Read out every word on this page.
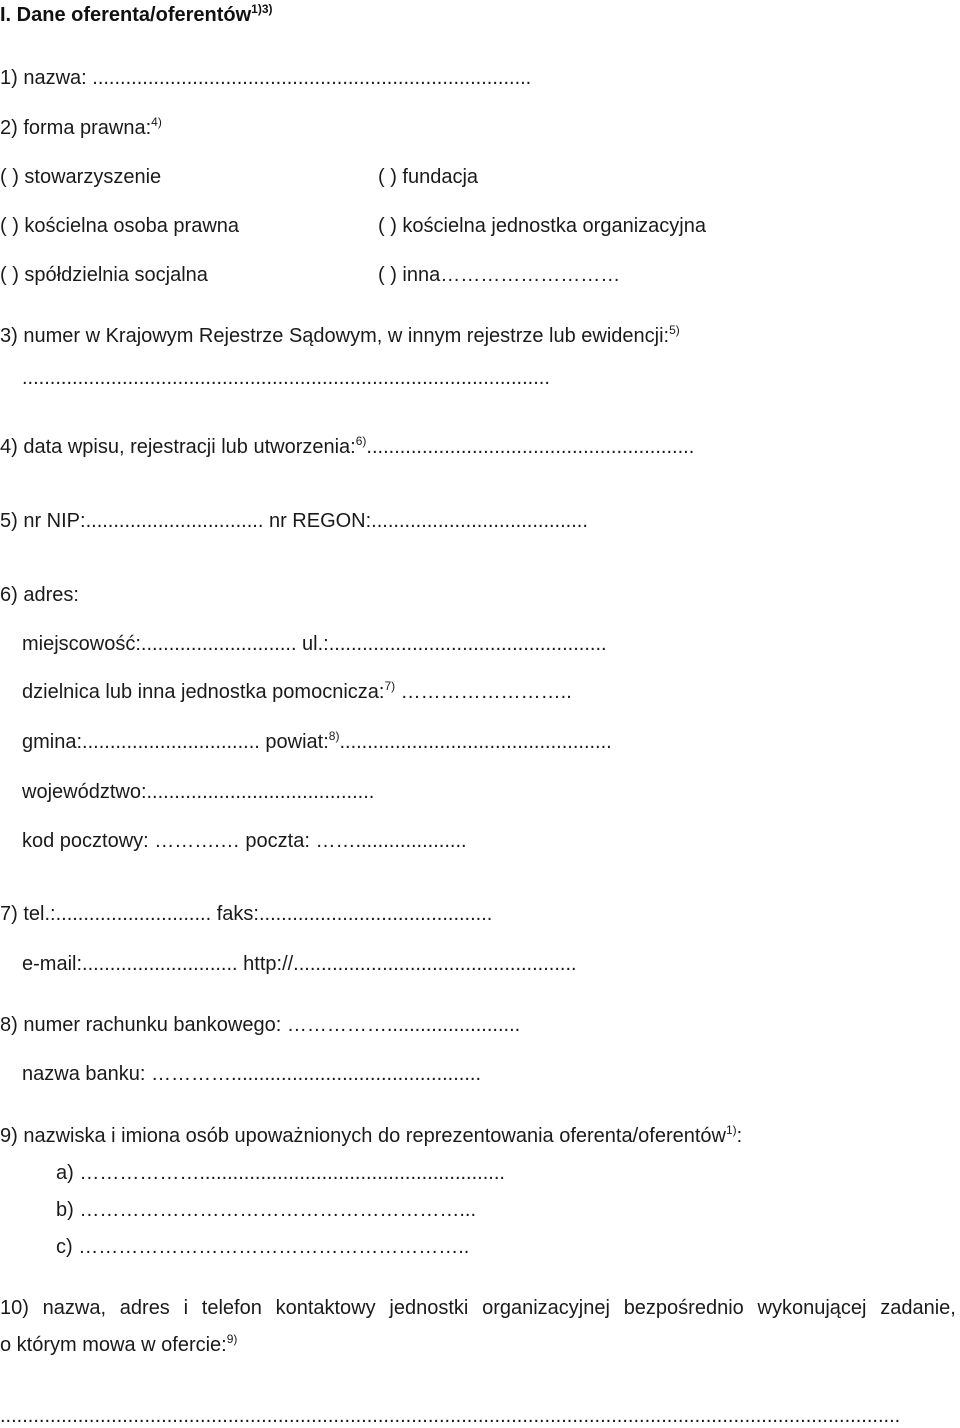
I. Dane oferenta/oferentów$^{1)3)}$
1) nazwa: ...............................................................................
2) forma prawna:$^{4)}$
( ) stowarzyszenie	( ) fundacja
( ) kościelna osoba prawna	( ) kościelna jednostka organizacyjna
( ) spółdzielnia socjalna	( ) inna………………………
3) numer w Krajowym Rejestrze Sądowym, w innym rejestrze lub ewidencji:$^{5)}$
...............................................................................................
4) data wpisu, rejestracji lub utworzenia:$^{6)}$...........................................................
5) nr NIP:................................ nr REGON:.......................................
6) adres:
miejscowość:............................ ul.:..................................................
dzielnica lub inna jednostka pomocnicza:$^{7)}$ ……………………..
gmina:................................ powiat:$^{8)}$.................................................
województwo:.........................................
kod pocztowy: ……….… poczta: ……....................
7) tel.:............................ faks:..........................................
e-mail:............................ http://...................................................
8) numer rachunku bankowego: ……………........................
nazwa banku: ………….............................................
9) nazwiska i imiona osób upoważnionych do reprezentowania oferenta/oferentów$^{1)}$:
a) ……………….......................................................
b) …………………………………………………...
c) …………………………………………………..
10) nazwa, adres i telefon kontaktowy jednostki organizacyjnej bezpośrednio wykonującej zadanie,
o którym mowa w ofercie:$^{9)}$
..................................................................................................................................................................
